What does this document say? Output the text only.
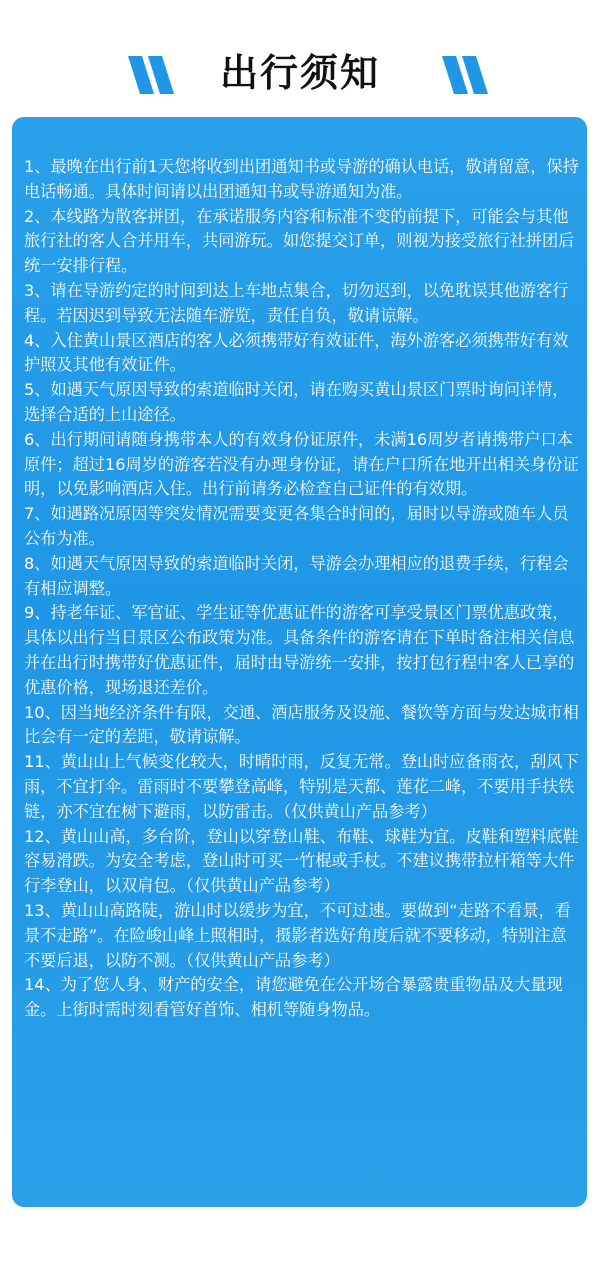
出行须知
1、最晚在出行前1天您将收到出团通知书或导游的确认电话，敬请留意，保持电话畅通。具体时间请以出团通知书或导游通知为准。
2、本线路为散客拼团，在承诺服务内容和标准不变的前提下，可能会与其他旅行社的客人合并用车，共同游玩。如您提交订单，则视为接受旅行社拼团后统一安排行程。
3、请在导游约定的时间到达上车地点集合，切勿迟到，以免耽误其他游客行程。若因迟到导致无法随车游览，责任自负，敬请谅解。
4、入住黄山景区酒店的客人必须携带好有效证件，海外游客必须携带好有效护照及其他有效证件。
5、如遇天气原因导致的索道临时关闭，请在购买黄山景区门票时询问详情，选择合适的上山途径。
6、出行期间请随身携带本人的有效身份证原件，未满16周岁者请携带户口本原件；超过16周岁的游客若没有办理身份证，请在户口所在地开出相关身份证明，以免影响酒店入住。出行前请务必检查自己证件的有效期。
7、如遇路况原因等突发情况需要变更各集合时间的，届时以导游或随车人员公布为准。
8、如遇天气原因导致的索道临时关闭，导游会办理相应的退费手续，行程会有相应调整。
9、持老年证、军官证、学生证等优惠证件的游客可享受景区门票优惠政策，具体以出行当日景区公布政策为准。具备条件的游客请在下单时备注相关信息并在出行时携带好优惠证件，届时由导游统一安排，按打包行程中客人已享的优惠价格，现场退还差价。
10、因当地经济条件有限，交通、酒店服务及设施、餐饮等方面与发达城市相比会有一定的差距，敬请谅解。
11、黄山山上气候变化较大，时晴时雨，反复无常。登山时应备雨衣，刮风下雨，不宜打伞。雷雨时不要攀登高峰，特别是天都、莲花二峰，不要用手扶铁链，亦不宜在树下避雨，以防雷击。（仅供黄山产品参考）
12、黄山山高，多台阶，登山以穿登山鞋、布鞋、球鞋为宜。皮鞋和塑料底鞋容易滑跌。为安全考虑，登山时可买一竹棍或手杖。不建议携带拉杆箱等大件行李登山，以双肩包。（仅供黄山产品参考）
13、黄山山高路陡，游山时以缓步为宜，不可过速。要做到“走路不看景，看景不走路”。在险峻山峰上照相时，摄影者选好角度后就不要移动，特别注意不要后退，以防不测。（仅供黄山产品参考）
14、为了您人身、财产的安全，请您避免在公开场合暴露贵重物品及大量现金。上街时需时刻看管好首饰、相机等随身物品。
